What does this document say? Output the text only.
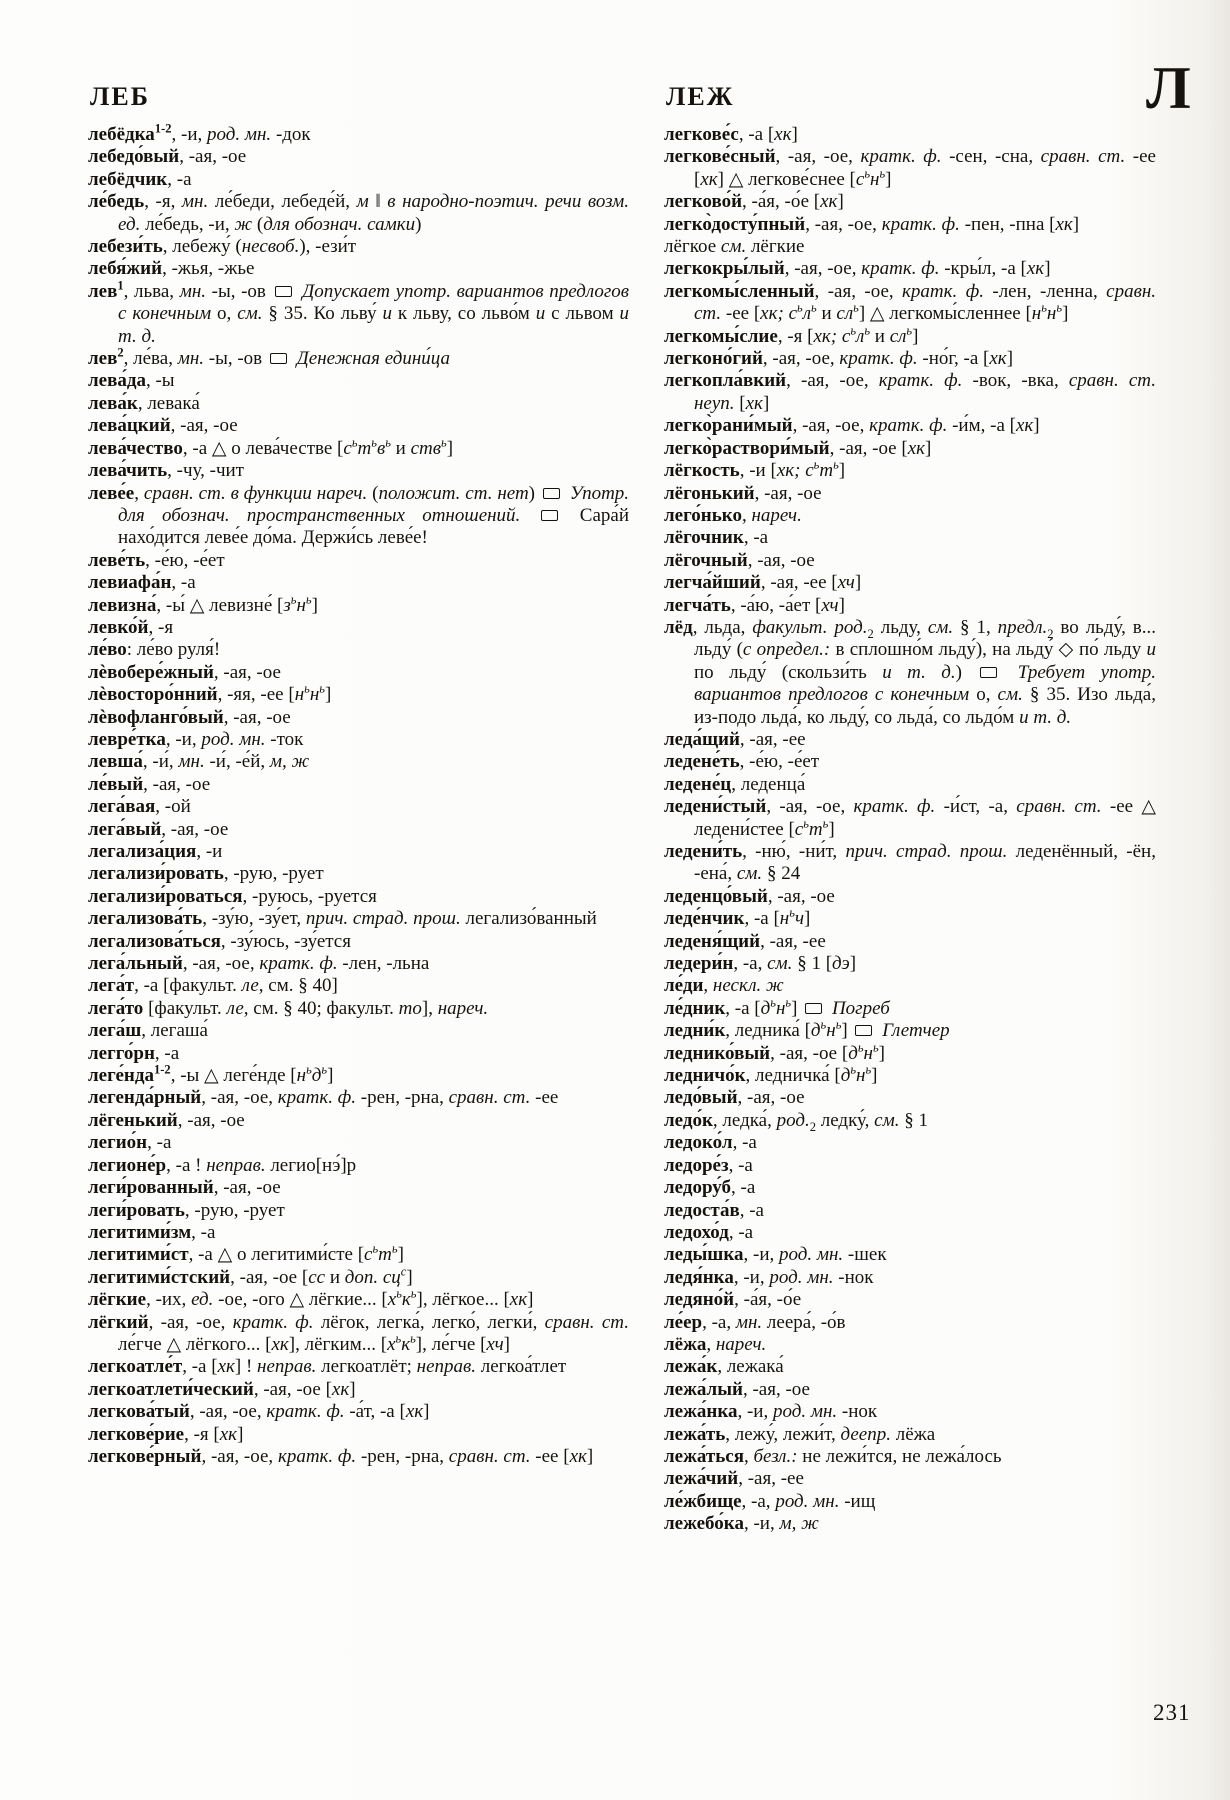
ЛЕБ	ЛЕЖ	Л

лебёдка$^{1-2}$, -и, род. мн. -док

лебедо́вый, -ая, -ое

лебёдчик, -а

ле́бедь, -я, мн. ле́беди, лебеде́й, м ‖ в народно-поэтич. речи возм. ед. ле́бедь, -и, ж (для обознач. самки)

лебези́ть, лебежу́ (несвоб.), -ези́т

лебя́жий, -жья, -жье

лев$^1$, льва, мн. -ы, -ов  Допускает употр. вариантов предлогов с конечным о, см. § 35. Ко льву́ и к льву, со льво́м и с львом и т. д.

лев$^2$, ле́ва, мн. -ы, -ов  Денежная едини́ца

лева́да, -ы

лева́к, левака́

лева́цкий, -ая, -ое

лева́чество, -а △ о лева́честве [$с^ьт^ьв^ь$ и ств$^ь$]

лева́чить, -чу, -чит

леве́е, сравн. ст. в функции нареч. (положит. ст. нет)  Употр. для обознач. пространственных отношений.  Сара́й нахо́дится леве́е до́ма. Держи́сь леве́е!

леве́ть, -е́ю, -е́ет

левиафа́н, -а

левизна́, -ы́ △ левизне́ $[з^ьн^ь]$

левко́й, -я

ле́во: ле́во руля́!

лѐвобере́жный, -ая, -ое

лѐвосторо́нний, -яя, -ее $[н^ьн^ь]$

лѐвофланго́вый, -ая, -ое

левре́тка, -и, род. мн. -ток

левша́, -и́, мн. -и́, -е́й, м, ж

ле́вый, -ая, -ое

лега́вая, -ой

лега́вый, -ая, -ое

легализа́ция, -и

легализи́ровать, -рую, -рует

легализи́роваться, -руюсь, -руется

легализова́ть, -зу́ю, -зу́ет, прич. страд. прош. легализо́ванный

легализова́ться, -зу́юсь, -зу́ется

лега́льный, -ая, -ое, кратк. ф. -лен, -льна

лега́т, -а [факульт. ле, см. § 40]

лега́то [факульт. ле, см. § 40; факульт. то], нареч.

лега́ш, легаша́

легго́рн, -а

леге́нда$^{1-2}$, -ы △ леге́нде $[н^ьд^ь]$

легенда́рный, -ая, -ое, кратк. ф. -рен, -рна, сравн. ст. -ее

лёгенький, -ая, -ое

легио́н, -а

легионе́р, -а ! неправ. легио[нэ́]р

леги́рованный, -ая, -ое

леги́ровать, -рую, -рует

легитими́зм, -а

легитими́ст, -а △ о легитими́сте $[с^ьт^ь]$

легитими́стский, -ая, -ое [сс и доп. $сц^с$]

лёгкие, -их, ед. -ое, -ого △ лёгкие... $[х^ьк^ь]$, лёгкое... [хк]

лёгкий, -ая, -ое, кратк. ф. лёгок, легка́, легко́, легки́, сравн. ст. ле́гче △ лёгкого... [хк], лёгким... $[х^ьк^ь]$, ле́гче [хч]

легкоатле́т, -а [хк] ! неправ. легкоатлёт; неправ. легкоа́тлет

легкоатлети́ческий, -ая, -ое [хк]

легкова́тый, -ая, -ое, кратк. ф. -а́т, -а [хк]

легкове́рие, -я [хк]

легкове́рный, -ая, -ое, кратк. ф. -рен, -рна, сравн. ст. -ее [хк]

легкове́с, -а [хк]

легкове́сный, -ая, -ое, кратк. ф. -сен, -сна, сравн. ст. -ее [хк] △ легкове́снее $[с^ьн^ь]$

легково́й, -а́я, -о́е [хк]

легко̀досту́пный, -ая, -ое, кратк. ф. -пен, -пна [хк]

лёгкое см. лёгкие

легкокры́лый, -ая, -ое, кратк. ф. -кры́л, -а [хк]

легкомы́сленный, -ая, -ое, кратк. ф. -лен, -ленна, сравн. ст. -ее [хк; $с^ьл^ь$ и $сл^ь$] △ легкомы́сленнее $[н^ьн^ь]$

легкомы́слие, -я [хк; $с^ьл^ь$ и $сл^ь$]

легконо́гий, -ая, -ое, кратк. ф. -но́г, -а [хк]

легкопла́вкий, -ая, -ое, кратк. ф. -вок, -вка, сравн. ст. неуп. [хк]

легко̀рани́мый, -ая, -ое, кратк. ф. -и́м, -а [хк]

легко̀раствори́мый, -ая, -ое [хк]

лёгкость, -и [хк; $с^ьт^ь$]

лёгонький, -ая, -ое

лего́нько, нареч.

лёгочник, -а

лёгочный, -ая, -ое

легча́йший, -ая, -ее [хч]

легча́ть, -а́ю, -а́ет [хч]

лёд, льда, факульт. $род._2$ льду, см. § 1, $предл._2$ во льду́, в... льду́ (с определ.: в сплошно́м льду́), на льду́ ◇ по́ льду и по льду́ (скользи́ть и т. д.)  Требует употр. вариантов предлогов с конечным о, см. § 35. Изо льда́, из-подо льда́, ко льду́, со льда́, со льдо́м и т. д.

леда́щий, -ая, -ее

ледене́ть, -е́ю, -е́ет

ледене́ц, леденца́

ледени́стый, -ая, -ое, кратк. ф. -и́ст, -а, сравн. ст. -ее △ ледени́стее $[с^ьт^ь]$

ледени́ть, -ню́, -ни́т, прич. страд. прош. леденённый, -ён, -ена́, см. § 24

леденцо́вый, -ая, -ое

леде́нчик, -а $[н^ьч]$

леденя́щий, -ая, -ее

ледери́н, -а, см. § 1 [дэ]

ле́ди, нескл. ж

ле́дник, -а $[д^ьн^ь]$  Погреб

ледни́к, ледника́ $[д^ьн^ь]$  Глетчер

леднико́вый, -ая, -ое $[д^ьн^ь]$

ледничо́к, ледничка́ $[д^ьн^ь]$

ледо́вый, -ая, -ое

ледо́к, ледка́, $род._2$ ледку́, см. § 1

ледоко́л, -а

ледоре́з, -а

ледору́б, -а

ледоста́в, -а

ледохо́д, -а

леды́шка, -и, род. мн. -шек

ледя́нка, -и, род. мн. -нок

ледяно́й, -а́я, -о́е

ле́ер, -а, мн. леера́, -о́в

лёжа, нареч.

лежа́к, лежака́

лежа́лый, -ая, -ое

лежа́нка, -и, род. мн. -нок

лежа́ть, лежу́, лежи́т, деепр. лёжа

лежа́ться, безл.: не лежи́тся, не лежа́лось

лежа́чий, -ая, -ее

ле́жбище, -а, род. мн. -ищ

лежебо́ка, -и, м, ж

231
